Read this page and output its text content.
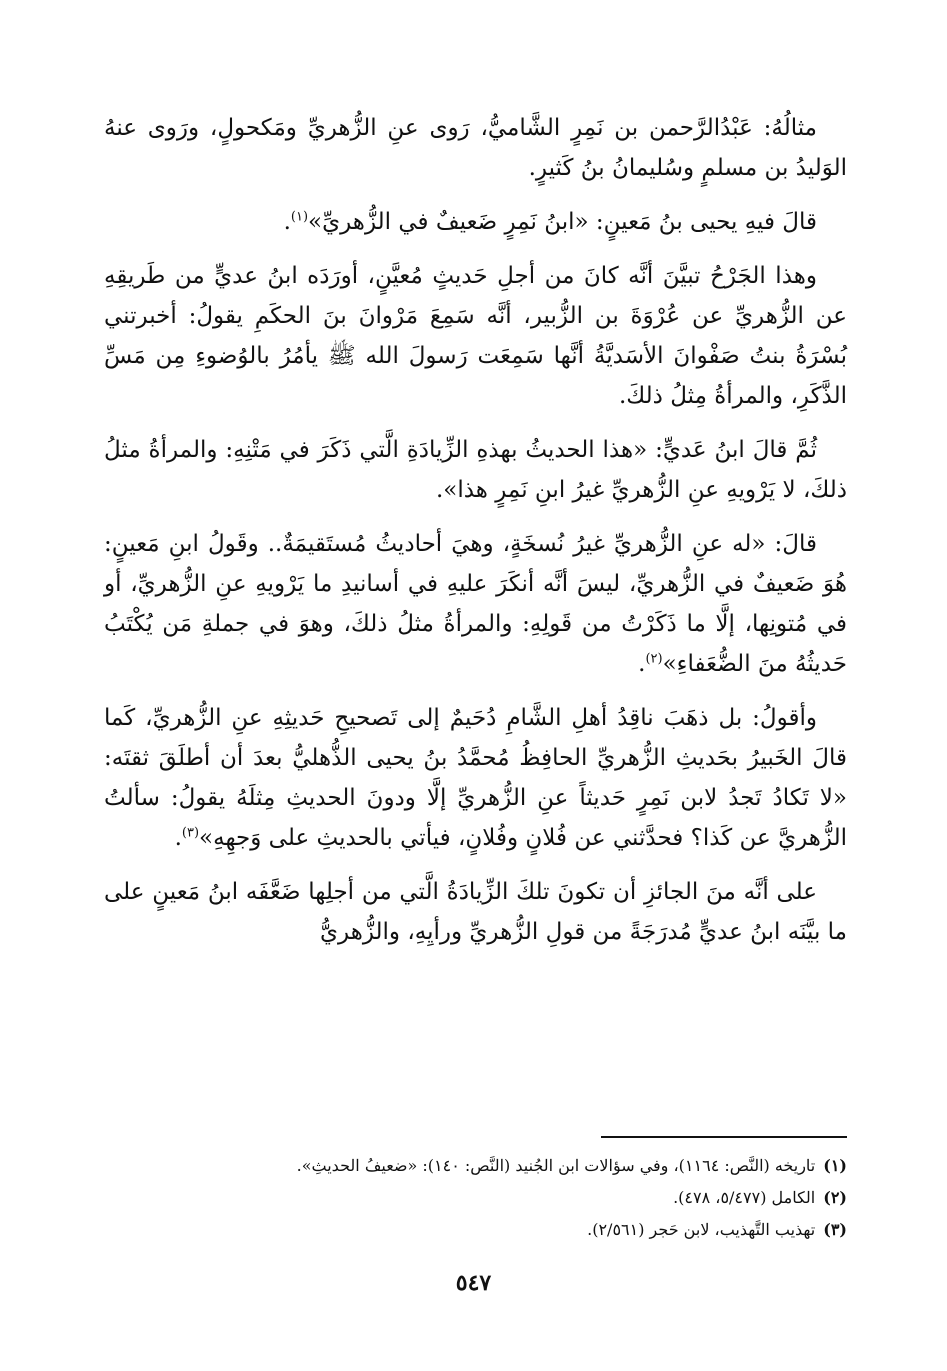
مثالُهُ: عَبْدُالرَّحمن بن نَمِرٍ الشَّاميُّ، رَوى عنِ الزُّهريِّ ومَكحولٍ، ورَوى عنهُ الوَليدُ بن مسلمٍ وسُليمانُ بنُ كَثيرٍ.

قالَ فيهِ يحيى بنُ مَعينٍ: «ابنُ نَمِرٍ ضَعيفٌ في الزُّهريِّ»$^{(١)}$.

وهذا الجَرْحُ تبيَّنَ أنَّه كانَ من أجلِ حَديثٍ مُعيَّنٍ، أورَدَه ابنُ عديٍّ من طَريقِهِ عن الزُّهريِّ عن عُرْوَةَ بن الزُّبير، أنَّه سَمِعَ مَرْوانَ بنَ الحكَمِ يقولُ: أخبرتني بُسْرَةُ بنتُ صَفْوانَ الأسَديَّةُ أنَّها سَمِعَت رَسولَ الله ﷺ يأمُرُ بالوُضوءِ مِن مَسِّ الذَّكَرِ، والمرأةُ مِثلُ ذلكَ.

ثُمَّ قالَ ابنُ عَديٍّ: «هذا الحديثُ بهذهِ الزِّيادَةِ الَّتي ذَكَرَ في مَتْنِهِ: والمرأةُ مثلُ ذلكَ، لا يَرْويهِ عنِ الزُّهريِّ غيرُ ابنِ نَمِرٍ هذا».

قالَ: «له عنِ الزُّهريِّ غيرُ نُسخَةٍ، وهيَ أحاديثُ مُستَقيمَةٌ.. وقَولُ ابنِ مَعينٍ: هُوَ ضَعيفٌ في الزُّهريِّ، ليسَ أنَّه أنكَرَ عليهِ في أسانيدِ ما يَرْويهِ عنِ الزُّهريِّ، أو في مُتونِها، إلَّا ما ذَكَرْتُ من قَولِهِ: والمرأةُ مثلُ ذلكَ، وهوَ في جملةِ مَن يُكْتَبُ حَديثُهُ منَ الضُّعَفاءِ»$^{(٢)}$.

وأقولُ: بل ذهَبَ ناقِدُ أهلِ الشَّامِ دُحَيمٌ إلى تَصحيحِ حَديثِهِ عنِ الزُّهريِّ، كَما قالَ الخَبيرُ بحَديثِ الزُّهريِّ الحافِظُ مُحمَّدُ بنُ يحيى الذُّهليُّ بعدَ أن أطلَقَ ثقتَه: «لا تَكادُ تَجدُ لابن نَمِرٍ حَديثاً عنِ الزُّهريِّ إلَّا ودونَ الحديثِ مِثلَهُ يقولُ: سألتُ الزُّهريَّ عن كَذا؟ فحدَّثني عن فُلانٍ وفُلانٍ، فيأتي بالحديثِ على وَجهِهِ»$^{(٣)}$.

على أنَّه منَ الجائزِ أن تكونَ تلكَ الزِّيادَةُ الَّتي من أجلِها ضَعَّفَه ابنُ مَعينٍ على ما بيَّنَه ابنُ عديٍّ مُدرَجَةً من قولِ الزُّهريِّ ورأيِهِ، والزُّهريُّ

(١)تاريخه (النَّص: ١١٦٤)، وفي سؤالات ابن الجُنيد (النَّص: ١٤٠): «ضعيفُ الحديثِ».

(٢)الكامل (٥/٤٧٧، ٤٧٨).

(٣)تهذيب التَّهذيب، لابن حَجر (٢/٥٦١).

٥٤٧
